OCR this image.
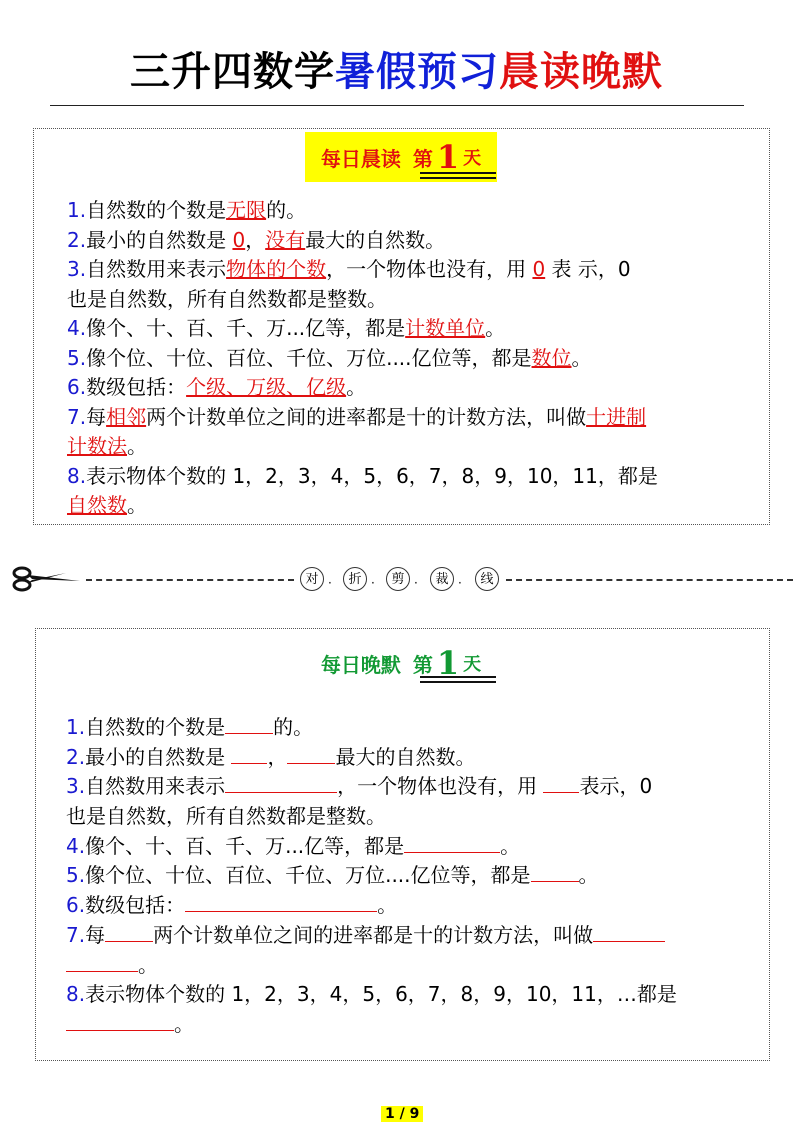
三升四数学暑假预习晨读晚默
每日晨读 第 1 天
1.自然数的个数是无限的。
2.最小的自然数是 0，没有最大的自然数。
3.自然数用来表示物体的个数，一个物体也没有，用 0 表 示，0
也是自然数，所有自然数都是整数。
4.像个、十、百、千、万...亿等，都是计数单位。
5.像个位、十位、百位、千位、万位....亿位等，都是数位。
6.数级包括：个级、万级、亿级。
7.每相邻两个计数单位之间的进率都是十的计数方法，叫做十进制
计数法。
8.表示物体个数的 1，2，3，4，5，6，7，8，9，10，11，都是
自然数。
对 ·	折 ·	剪 ·	裁 ·	线
每日晚默 第 1 天
1.自然数的个数是 的。
2.最小的自然数是 ， 最大的自然数。
3.自然数用来表示	，一个物体也没有，用 表示，0
也是自然数，所有自然数都是整数。
4.像个、十、百、千、万...亿等，都是	。
5.像个位、十位、百位、千位、万位....亿位等，都是 。
6.数级包括：	。
7.每 两个计数单位之间的进率都是十的计数方法，叫做
。
8.表示物体个数的 1，2，3，4，5，6，7，8，9，10，11，…都是
。
1 / 9
